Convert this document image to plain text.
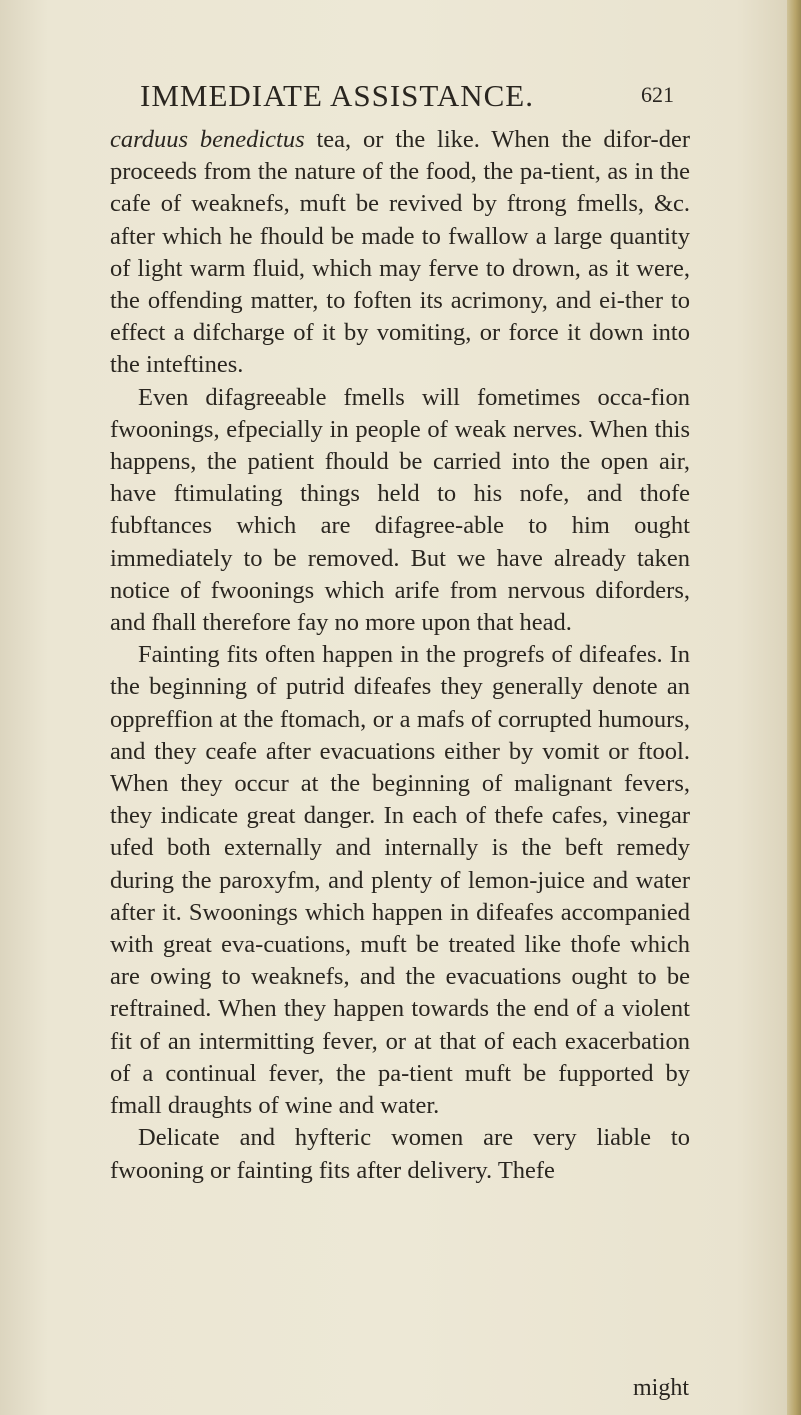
IMMEDIATE ASSISTANCE.	621

carduus benedictus tea, or the like. When the difor-der proceeds from the nature of the food, the pa-tient, as in the cafe of weaknefs, muft be revived by ftrong fmells, &c. after which he fhould be made to fwallow a large quantity of light warm fluid, which may ferve to drown, as it were, the offending matter, to foften its acrimony, and ei-ther to effect a difcharge of it by vomiting, or force it down into the inteftines.

Even difagreeable fmells will fometimes occa-fion fwoonings, efpecially in people of weak nerves. When this happens, the patient fhould be carried into the open air, have ftimulating things held to his nofe, and thofe fubftances which are difagree-able to him ought immediately to be removed. But we have already taken notice of fwoonings which arife from nervous diforders, and fhall therefore fay no more upon that head.

Fainting fits often happen in the progrefs of difeafes. In the beginning of putrid difeafes they generally denote an oppreffion at the ftomach, or a mafs of corrupted humours, and they ceafe after evacuations either by vomit or ftool. When they occur at the beginning of malignant fevers, they indicate great danger. In each of thefe cafes, vinegar ufed both externally and internally is the beft remedy during the paroxyfm, and plenty of lemon-juice and water after it. Swoonings which happen in difeafes accompanied with great eva-cuations, muft be treated like thofe which are owing to weaknefs, and the evacuations ought to be reftrained. When they happen towards the end of a violent fit of an intermitting fever, or at that of each exacerbation of a continual fever, the pa-tient muft be fupported by fmall draughts of wine and water.

Delicate and hyfteric women are very liable to fwooning or fainting fits after delivery. Thefe

might
